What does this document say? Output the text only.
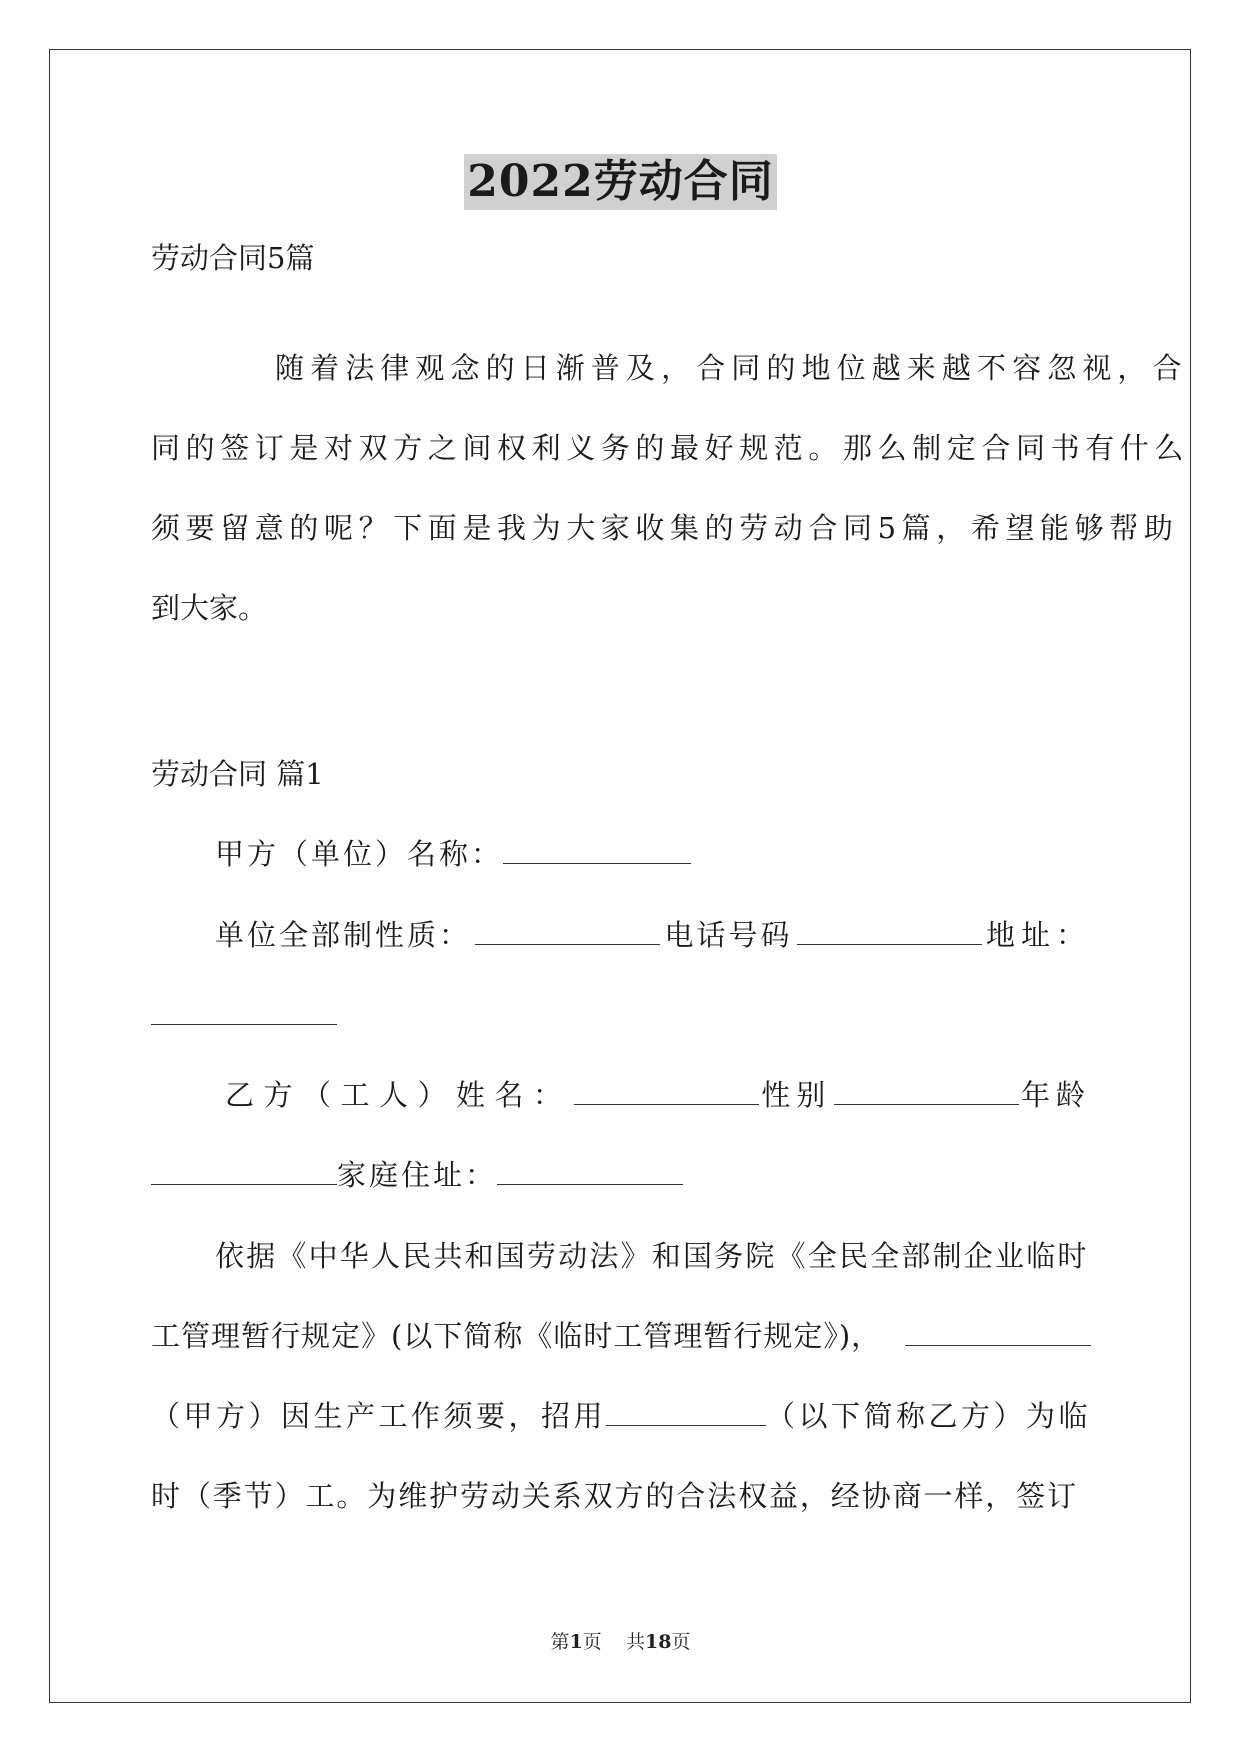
2022劳动合同
劳动合同5篇
随着法律观念的日渐普及，合同的地位越来越不容忽视，合
同的签订是对双方之间权利义务的最好规范。那么制定合同书有什么
须要留意的呢？下面是我为大家收集的劳动合同5篇，希望能够帮助
到大家。
劳动合同 篇1
甲方（单位）名称：
单位全部制性质：	电话号码	地址：
乙方（工人）姓名：	性别	年龄
家庭住址：
依据《中华人民共和国劳动法》和国务院《全民全部制企业临时
工管理暂行规定》(以下简称《临时工管理暂行规定》)，
（甲方）因生产工作须要，招用	（以下简称乙方）为临
时（季节）工。为维护劳动关系双方的合法权益，经协商一样，签订
第1页 共18页
